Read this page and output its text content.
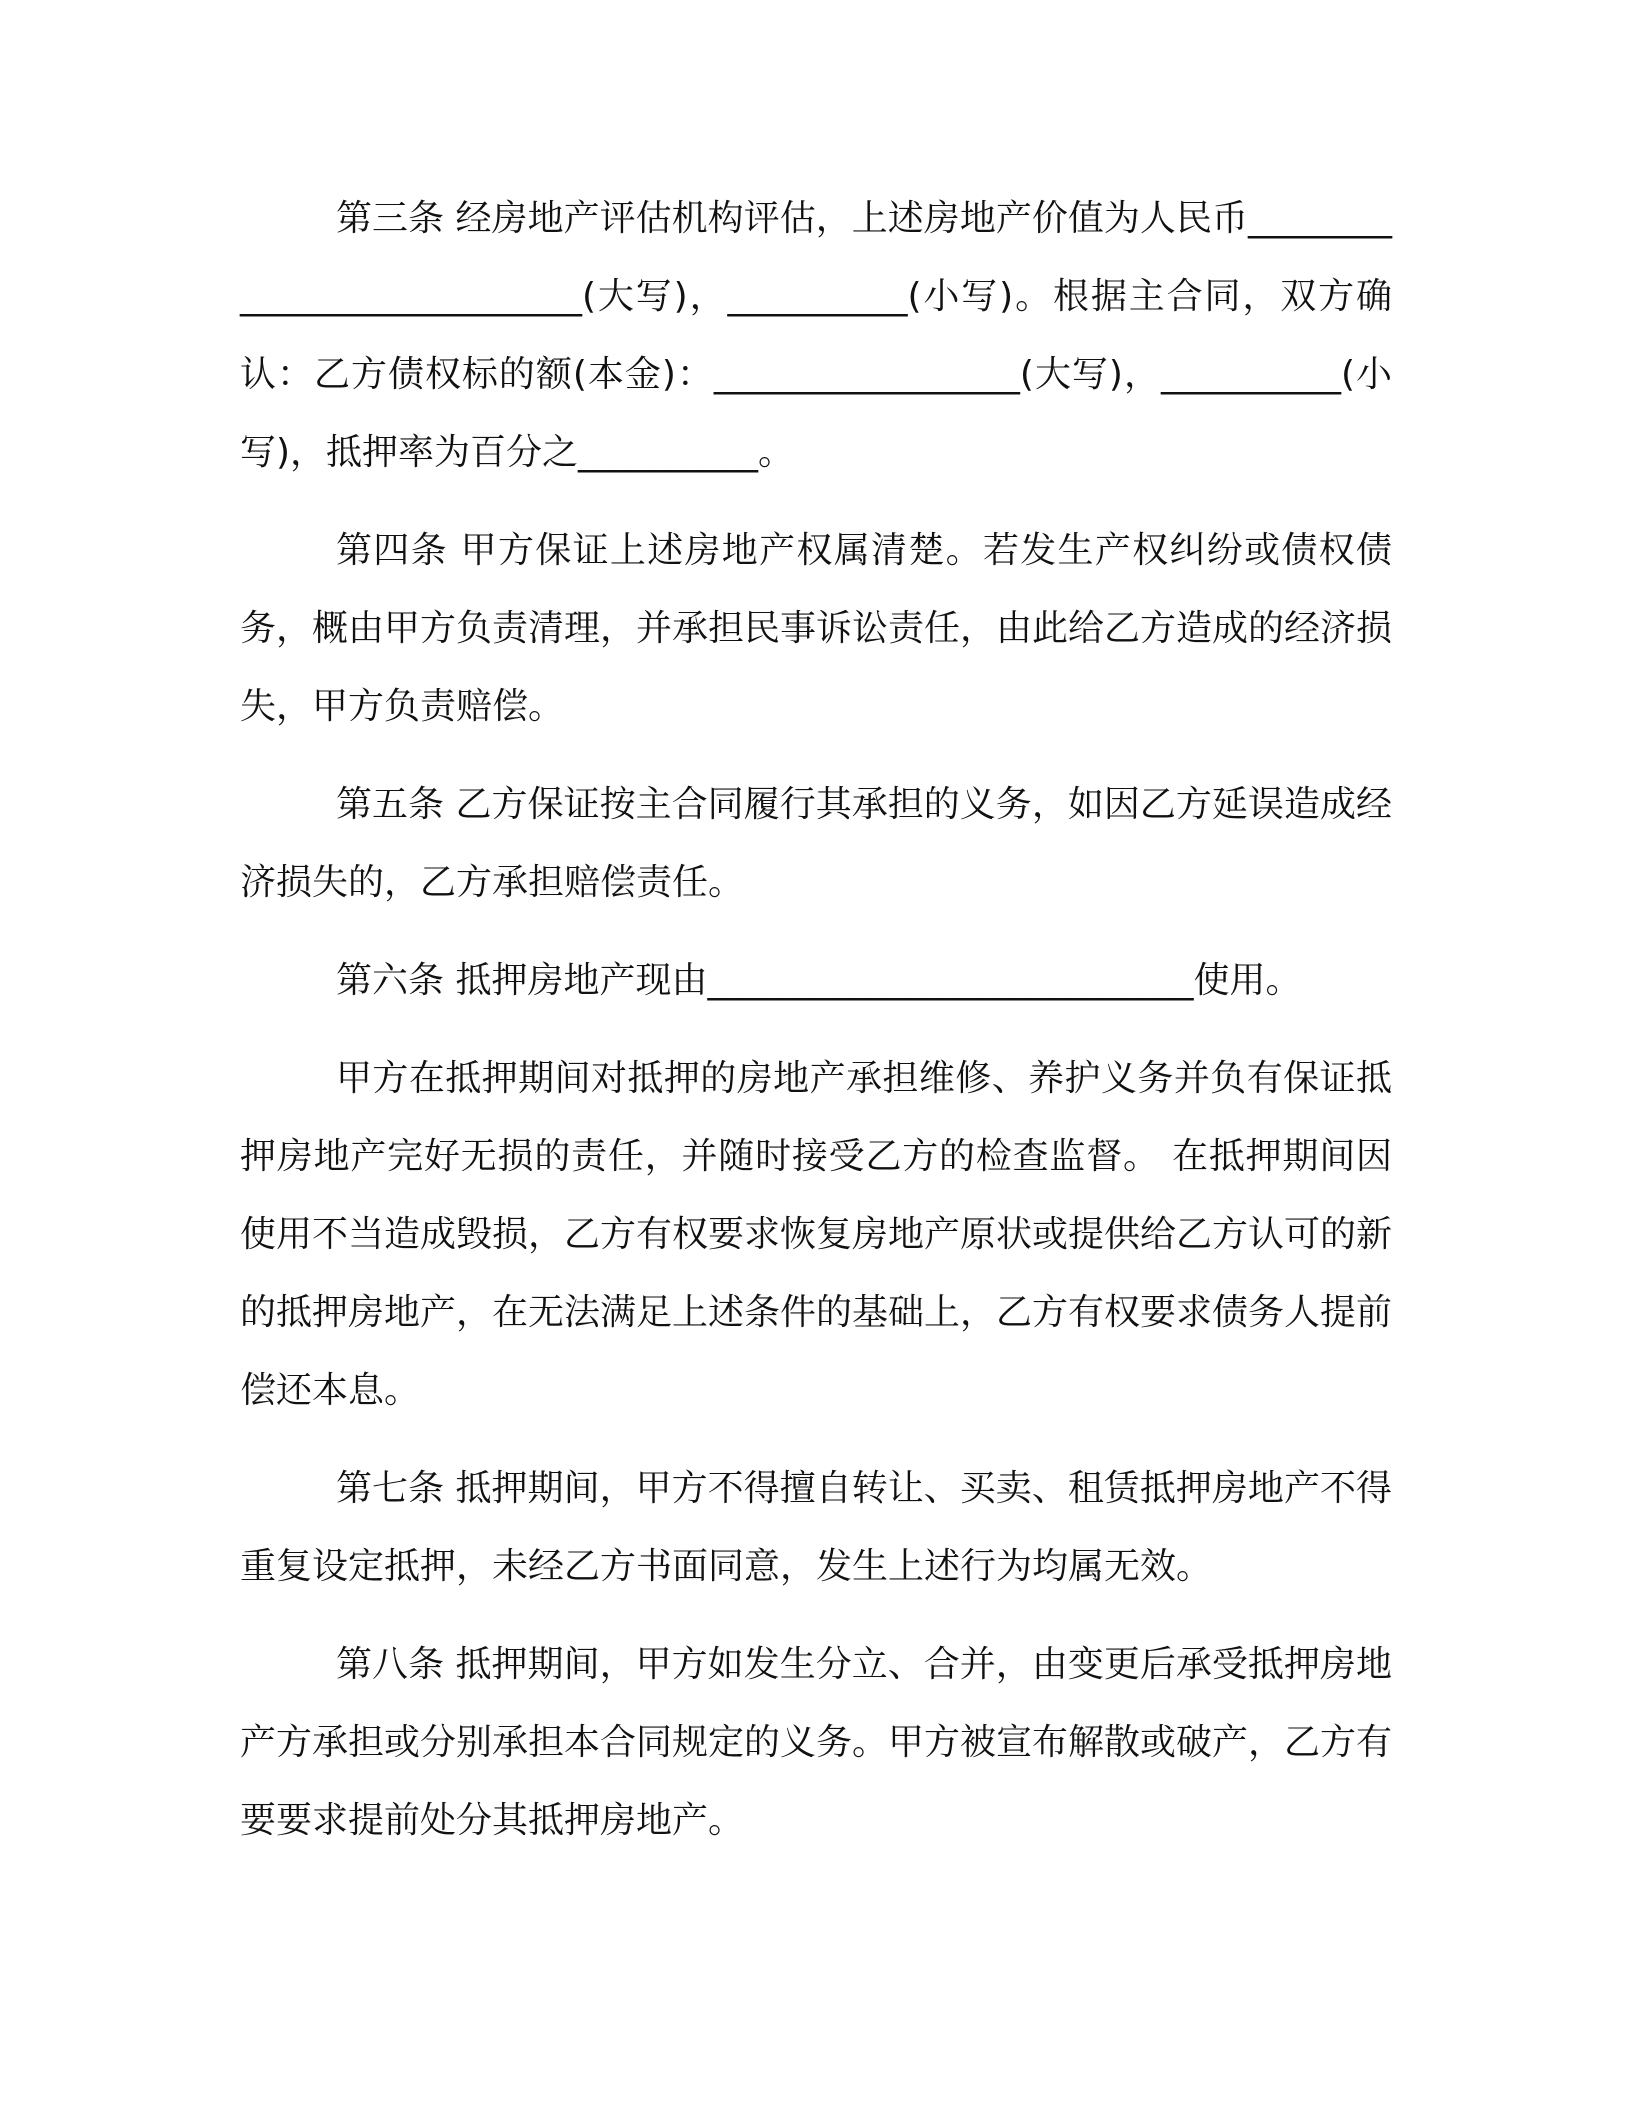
第三条 经房地产评估机构评估，上述房地产价值为人民币___________________________(大写)，__________(小写)。根据主合同，双方确认：乙方债权标的额(本金)：_________________(大写)，__________(小写)，抵押率为百分之__________。

第四条 甲方保证上述房地产权属清楚。若发生产权纠纷或债权债务，概由甲方负责清理，并承担民事诉讼责任，由此给乙方造成的经济损失，甲方负责赔偿。

第五条 乙方保证按主合同履行其承担的义务，如因乙方延误造成经济损失的，乙方承担赔偿责任。

第六条 抵押房地产现由___________________________使用。

甲方在抵押期间对抵押的房地产承担维修、养护义务并负有保证抵押房地产完好无损的责任，并随时接受乙方的检查监督。 在抵押期间因使用不当造成毁损，乙方有权要求恢复房地产原状或提供给乙方认可的新的抵押房地产，在无法满足上述条件的基础上，乙方有权要求债务人提前偿还本息。

第七条 抵押期间，甲方不得擅自转让、买卖、租赁抵押房地产不得重复设定抵押，未经乙方书面同意，发生上述行为均属无效。

第八条 抵押期间，甲方如发生分立、合并，由变更后承受抵押房地产方承担或分别承担本合同规定的义务。甲方被宣布解散或破产，乙方有要要求提前处分其抵押房地产。
